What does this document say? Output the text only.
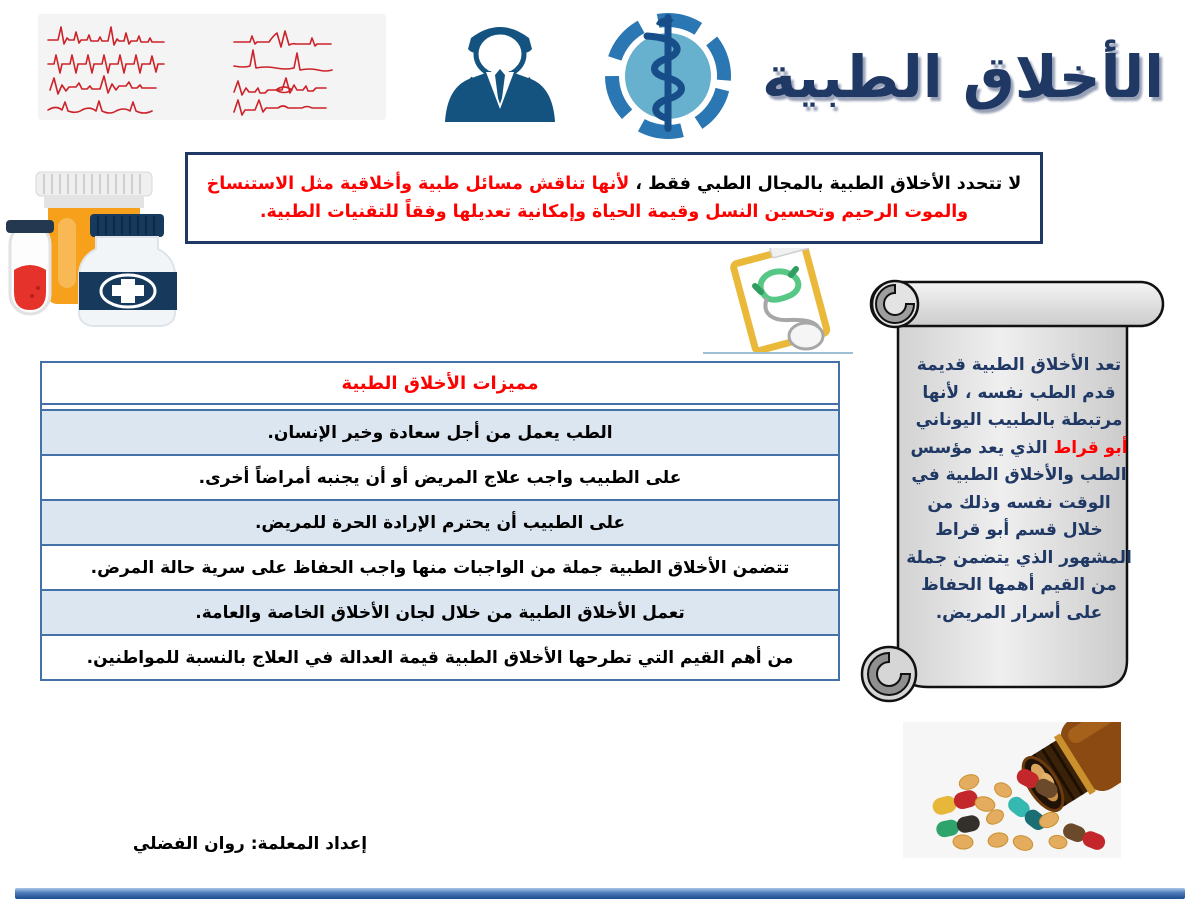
الأخلاق الطبية
لا تتحدد الأخلاق الطبية بالمجال الطبي فقط ، لأنها تناقش مسائل طبية وأخلاقية مثل الاستنساخ والموت الرحيم وتحسين النسل وقيمة الحياة وإمكانية تعديلها وفقاً للتقنيات الطبية.
مميزات الأخلاق الطبية
الطب يعمل من أجل سعادة وخير الإنسان.
على الطبيب واجب علاج المريض أو أن يجنبه أمراضاً أخرى.
على الطبيب أن يحترم الإرادة الحرة للمريض.
تتضمن الأخلاق الطبية جملة من الواجبات منها واجب الحفاظ على سرية حالة المرض.
تعمل الأخلاق الطبية من خلال لجان الأخلاق الخاصة والعامة.
من أهم القيم التي تطرحها الأخلاق الطبية قيمة العدالة في العلاج بالنسبة للمواطنين.
تعد الأخلاق الطبية قديمة قدم الطب نفسه ، لأنها مرتبطة بالطبيب اليوناني أبو قراط الذي يعد مؤسس الطب والأخلاق الطبية في الوقت نفسه وذلك من خلال قسم أبو قراط المشهور الذي يتضمن جملة من القيم أهمها الحفاظ على أسرار المريض.
إعداد المعلمة: روان الفضلي
